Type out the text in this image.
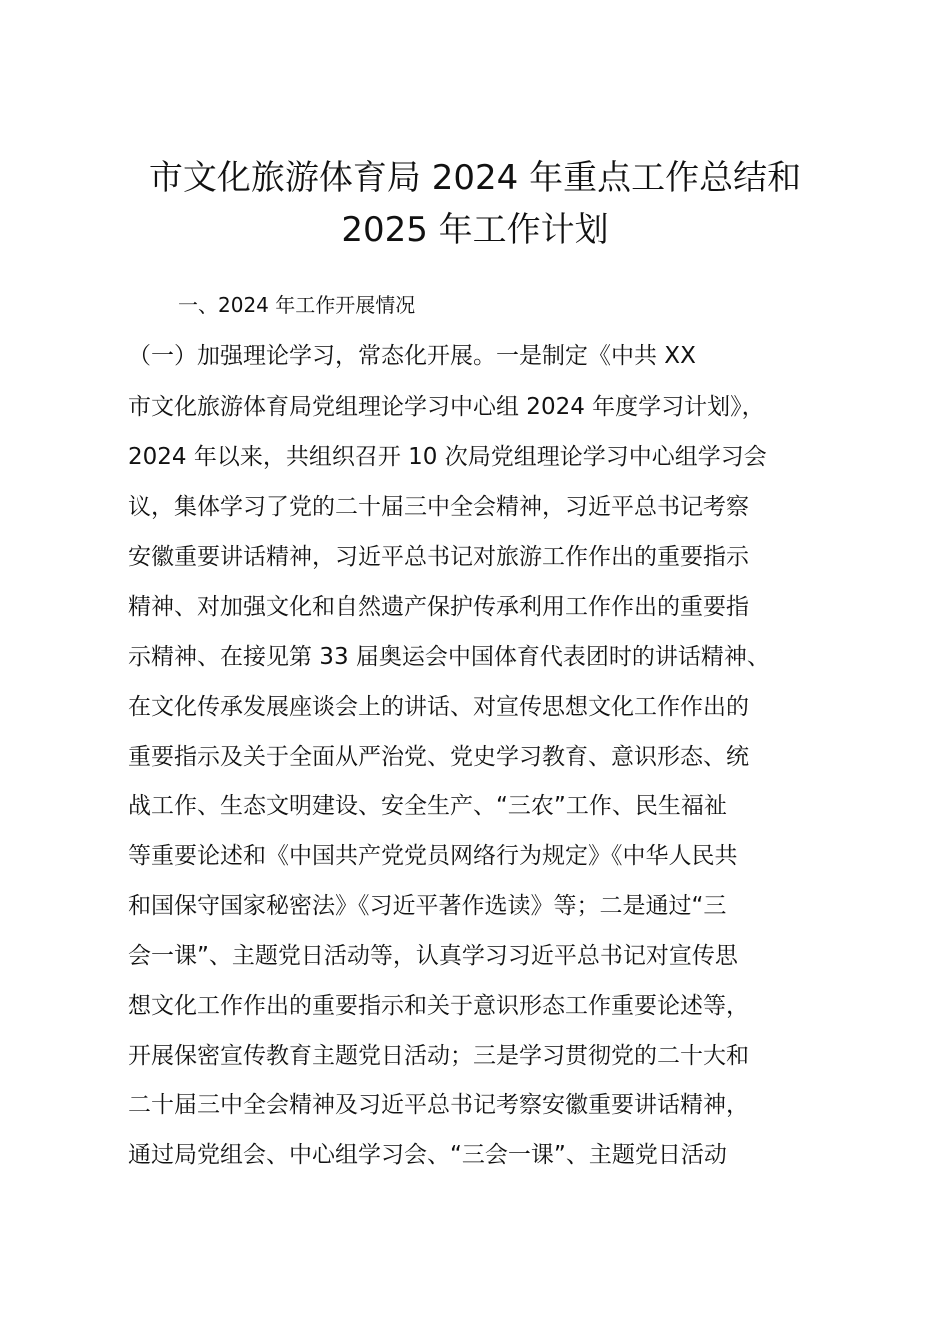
市文化旅游体育局 2024 年重点工作总结和
2025 年工作计划
一、2024 年工作开展情况
（一）加强理论学习，常态化开展。一是制定《中共 XX
市文化旅游体育局党组理论学习中心组 2024 年度学习计划》，
2024 年以来，共组织召开 10 次局党组理论学习中心组学习会
议，集体学习了党的二十届三中全会精神，习近平总书记考察
安徽重要讲话精神，习近平总书记对旅游工作作出的重要指示
精神、对加强文化和自然遗产保护传承利用工作作出的重要指
示精神、在接见第 33 届奥运会中国体育代表团时的讲话精神、
在文化传承发展座谈会上的讲话、对宣传思想文化工作作出的
重要指示及关于全面从严治党、党史学习教育、意识形态、统
战工作、生态文明建设、安全生产、“三农”工作、民生福祉
等重要论述和《中国共产党党员网络行为规定》《中华人民共
和国保守国家秘密法》《习近平著作选读》等；二是通过“三
会一课”、主题党日活动等，认真学习习近平总书记对宣传思
想文化工作作出的重要指示和关于意识形态工作重要论述等，
开展保密宣传教育主题党日活动；三是学习贯彻党的二十大和
二十届三中全会精神及习近平总书记考察安徽重要讲话精神，
通过局党组会、中心组学习会、“三会一课”、主题党日活动
